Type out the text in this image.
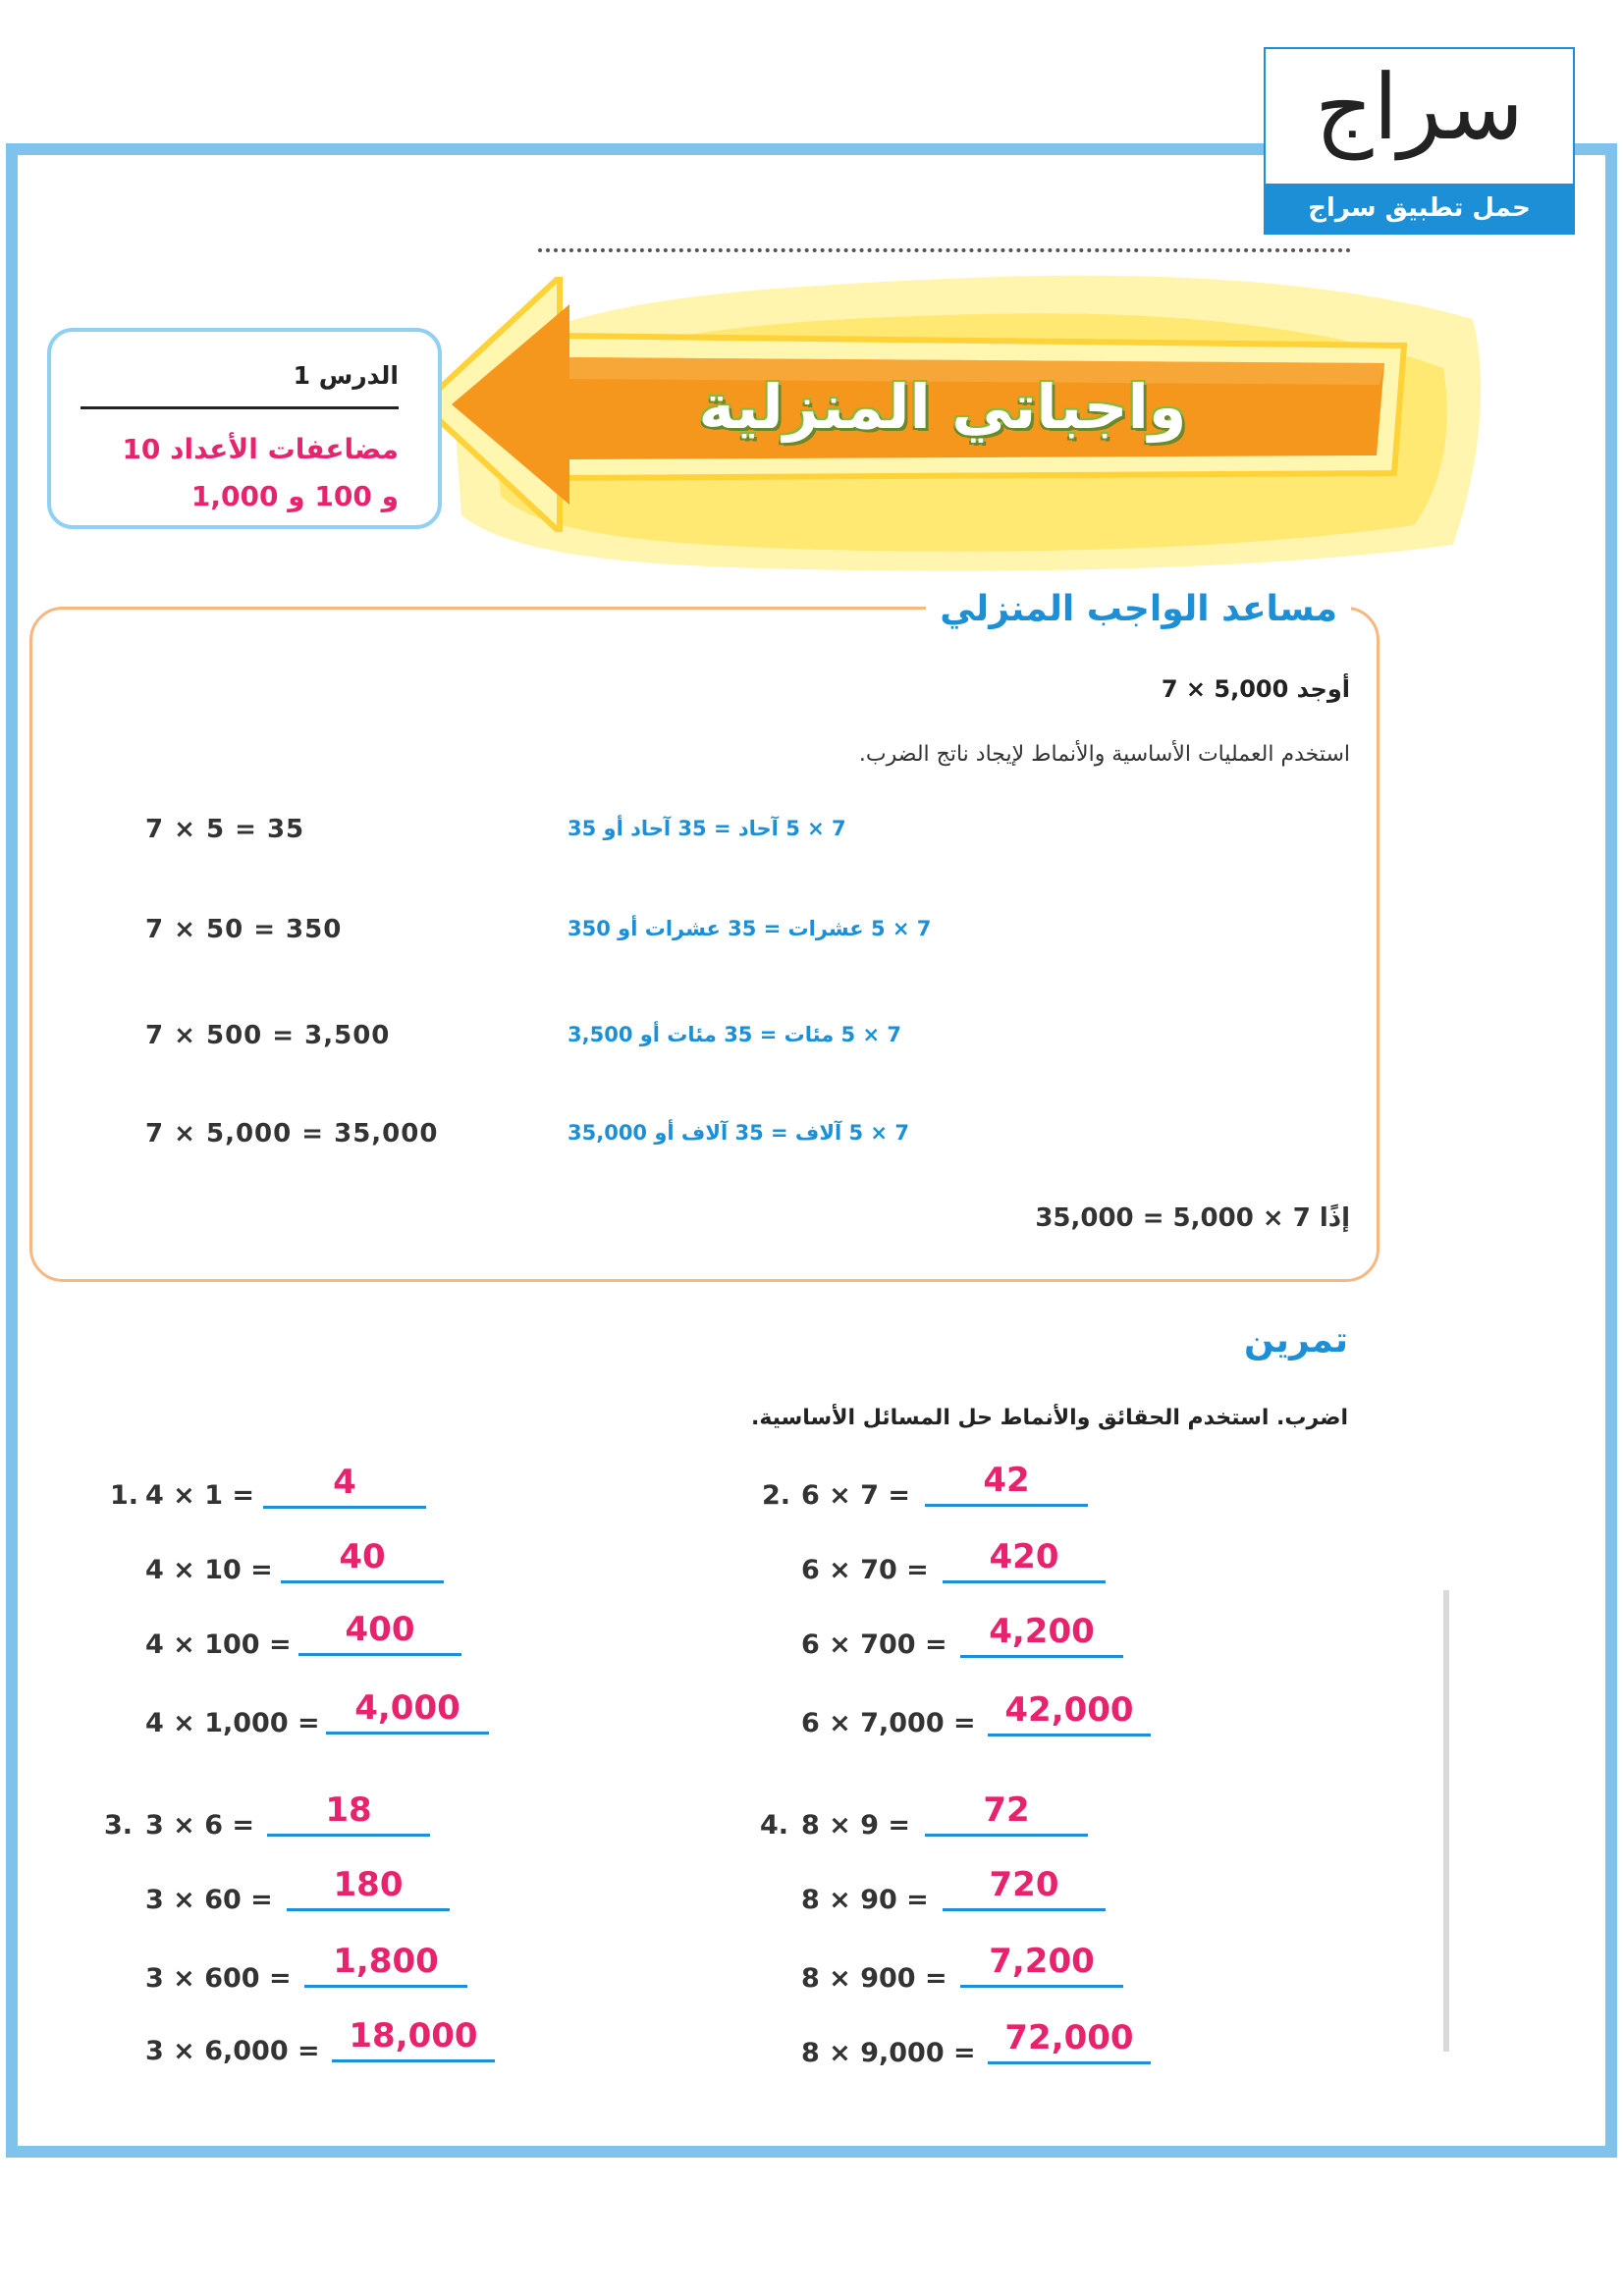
واجباتي المنزلية
سراج
حمل تطبيق سراج
الدرس 1
مضاعفات الأعداد 10
و 100 و 1,000
مساعد الواجب المنزلي
أوجد 5,000 × 7
استخدم العمليات الأساسية والأنماط لإيجاد ناتج الضرب.
7 × 5 = 35	7 × 5 آحاد = 35 آحاد أو 35
7 × 50 = 350	7 × 5 عشرات = 35 عشرات أو 350
7 × 500 = 3,500	7 × 5 مئات = 35 مئات أو 3,500
7 × 5,000 = 35,000	7 × 5 آلاف = 35 آلاف أو 35,000
إذًا 7 × 5,000 = 35,000
تمرين
اضرب. استخدم الحقائق والأنماط حل المسائل الأساسية.
1. 4 × 1 =	4
4 × 10 =	40
4 × 100 =	400
4 × 1,000 =	4,000
2. 6 × 7 =	42
6 × 70 =	420
6 × 700 =	4,200
6 × 7,000 = 42,000
3. 3 × 6 =	18
3 × 60 =	180
3 × 600 =	1,800
3 × 6,000 = 18,000
4. 8 × 9 =	72
8 × 90 =	720
8 × 900 =	7,200
8 × 9,000 = 72,000
